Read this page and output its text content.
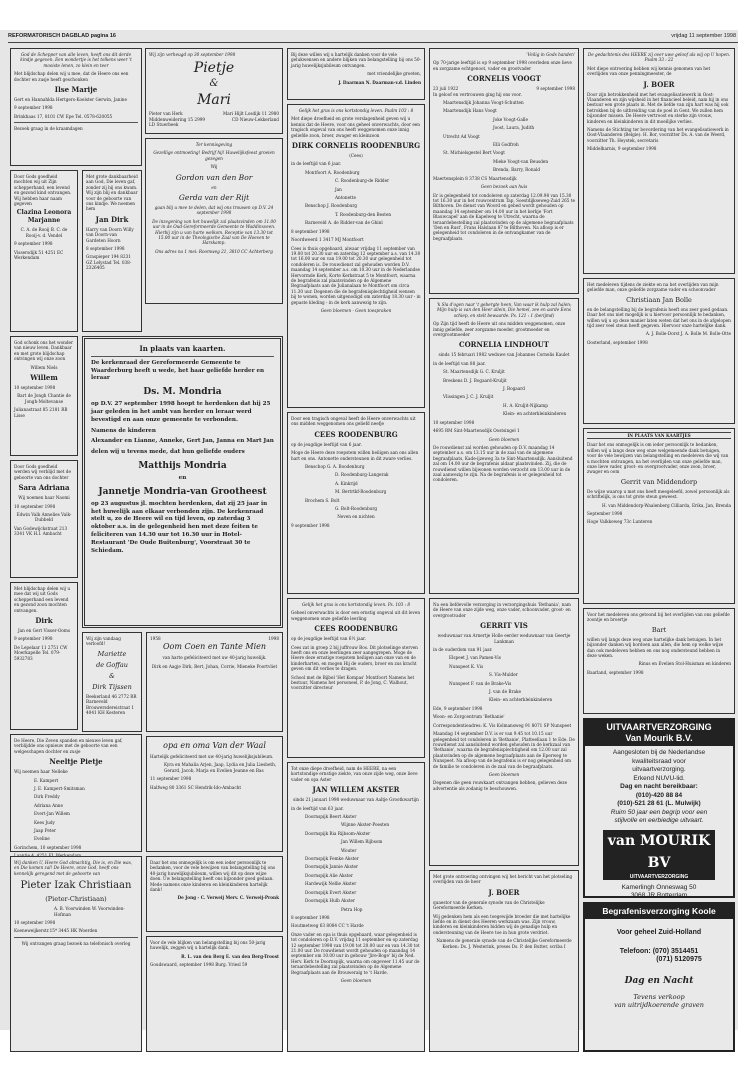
REFORMATORISCH DAGBLAD pagina 16	vrijdag 11 september 1998

God de Schepper van alle leven, heeft ons dit derde kindje gegeven. Een wondertje is het telkens weer 't mooiste lenen, zo klein en teer

Met blijdschap delen wij u mee, dat de Heere ons een dochter en zusje heeft geschonken

Ilse Marije

Gert en Hannahlda Hertgers-Koelster Gerwin, Janine

9 september 1998

Brinkhaas 17, 8101 CW Epe Tel. 0578-620055

Bezoek graag in de kraamdagen

Door Gods goedheid mochten wij uit Zijn schepperhand, een levend en gezond kind ontvangen. Wij hebben haar naam gegeven

Clazina Leonora Marjanne

C. A. de Rooij B. C. de Rooij-v. d. Vendel

9 september 1998

Vissersdijk 51 4251 EC Werkendam

God schonk ons het wonder van nieuw leven. Dankbaar en met grote blijdschap ontvingen wij onze zoon

Willem Niels

Willem

10 september 1998

Bart de Jongh Chantie de Jongh-Moltevanse

Julianastraat 85 2181 RB Lisse

Door Gods goedheid werden wij verblijd met de geboorte van ons dochter

Sara Adriana

Wij noemen haar Naomi

10 september 1998

Edwin Valk Annelies Valk-Dubbeld

Van Godewijckstraat 213 3341 VK H.I. Ambacht

Met blijdschap delen wij u mee dat wij uit Gods schepperhand een levend en gezond zoon mochten ontvangen.

Dirk

Jan en Gert Visser-Ooms

9 september 1998

De Lepelaar 11 2751 CW Moerkapelle Tel. 079-5932783

De Heere, Die Zeven spanden en nieuwe leven gaf, verblijdde ons opnieuw met de geboorte van een welgeschapen dochter en zusje

Neeltje Pietje

Wij noemen haar Nelleke

E. Kampert

J. E. Kampert-Smitsman

Dirk Freddy

Adriana Anne

Evert-Jan Willem

Kees Judy

Jaap Peter

Eveline

Gorinchem, 10 september 1998

Wij danken U, Heere God almachtig, Die is, en Die was, en Die komen zal! De Heere, onze God, heeft ons kennelijk geregend met de geboorte van

Pieter Izak Christiaan

(Pieter-Christiaan)

A. B. Voorwinden W. Voorwinden-Hofman

10 september 1998

Koeneweijkerstr.15* 3445 HK Woerden

Wij ontvangen graag bezoek na telefonisch overleg

Wij zijn verheugd op 30 september 1998

Pietje

&

Mari

Pieter van Herk Middenweidering 15 2999 LD Stuerbeek
Mari Hijlt Losdijk 11 2980 CD Nieuw-Lekkerland

Ter kennisgeving

Gezellige ontmoeting! Bedrijf hij! Huwelijksfeest groeien gezegen

Wij

Gordon van den Bor

en

Gerda van der Rijt

gaan blij u mee te delen, dat wij ons trouwen op D.V. 24 september 1998

De inzegening van het huwelijk zal plaatsvinden om 11.00 uur in de Oud-Gereformeerde Gemeente te Waddinxveen. Hierbij zijn u van harte welkom. Receptie van 13.30 tot 15.00 uur in de Theologische Zaal van De Hoeven te Harskamp.

Ons adres na 1 mei: Roomweg 21, 3810 CC Achterberg

Met grote dankbaarheid aan God, Die leven gaf, zonder zij bij ons kwam. Wij zijn blij en dankbaar voor de geboorte van ons kindje. We noemen hem

Jan Dirk

Harry van Doorn Willy van Doorn-van Gardeten Hoorn

8 september 1998

Graspieper 194 8231 GZ Lelystad Tel. 038-2326405

In plaats van kaarten.

De kerkenraad der Gereformeerde Gemeente te Waarderburg heeft u wede, het haar geliefde herder en leraar

Ds. M. Mondria

op D.V. 27 september 1998 hoopt te herdenken dat hij 25 jaar geleden in het ambt van herder en leraar werd bevestigd en aan onze gemeente te verbonden.

Namens de kinderen

Alexander en Lianne, Anneke, Gert Jan, Janna en Mart Jan

delen wij u tevens mede, dat hun geliefde ouders

Matthijs Mondria

en

Jannetje Mondria-van Grootheest

op 23 augustus jl. mochten herdenken, dat zij 25 jaar in het huwelijk aan elkaar verbonden zijn. De kerkenraad stelt u, zo de Heere wil en tijd leven, op zaterdag 3 oktober a.s. in de gelegenheid hen met deze feiten te feliciteren van 14.30 uur tot 16.30 uur in Hotel-Restaurant 'De Oude Buitenburg', Voorstraat 30 te Schiedam.

Wij zijn vandaag verloofd!

Mariette

de Goffau

&

Dirk Tijssen

Beekerland 46 2772 RR Barneveld Brouwersdereistraat 1 4041 KH Kesteren

1958	1998

Oom Coen en Tante Mien

van harte gefeliciteerd met uw 40-jarig huwelijk.

Dirk en Aagje Dirk, Bert, Johan, Corrie, Mieneke Poortvliet

opa en oma Van der Waal

Hartelijk gefeliciteerd met uw 40-jarig huwelijksjubileum.

Kyra en Mahalia Arjen, Jaap, Lydia en Julia Liesbeth, Gerard, Jacob, Marja en Evelien Jeanne en Bas

11 september 1998

Halfweg 80 3361 SC Hendrik-Ido-Ambacht

Daar het ons onmogelijk is om een ieder persoonlijk te bedanken, voor de vele bewijzen van belangstelling bij ons 40-jarig huwelijksjubileum, willen wij dit op deze wijze doen. Uw belangstelling heeft ons bijzonder goed gedaan. Mede namens onze kinderen en kleinkinderen hartelijk dank!

De Jong - C. Verweij Merv. C. Verweij-Pronk

Voor de vele blijken van belangstelling bij ons 50-jarig huwelijk, zeggen wij u hartelijk dank.

R. L. van den Berg E. van den Berg-Troost

Goudswaard, september 1998 Burg. Vriesl 59

Bij deze willen wij u hartelijk danken voor de vele gelukwensen en andere blijken van belangstelling bij ons 50-jarig huwelijksjubileum ontvangen.

met vriendelijke groeten,

J. Daarman N. Daarman-v.d. Linden

Gelijk het gras is ons kortstondig leven. Psalm 103 : 8

Met diepe droefheid en grote verslagenheid geven wij u kennis dat de Heere, voor ons geheel onverwachts, door een tragisch ongeval van ons heeft weggenomen onze innig geliefde zoon, broer, zwager en kleinzoon

DIRK CORNELIS ROODENBURG

(Cees)

in de leeftijd van 6 jaar.

Montfoort A. Roodenburg

C. Roodenburg-de Ridder

Jan

Antonette

Benschop J. Roodenburg

T. Roodenburg-den Besten

Barneveld A. de Ridder-van de Ghinl

8 september 1998

Noordweerd 1 3417 MJ Montfoort

Cees is thuis opgebaard, alwaar vrijdag 11 september van 19.00 tot 20.30 uur en zaterdag 12 september a.s. van 14.30 tot 16.00 uur en van 19.00 tot 20.30 uur gelegenheid tot condoleren is. De rouwdienst zal gehouden worden D.V. maandag 14 september a.s. om 10.30 uur in de Nederlandse Hervormde Kerk, Korte Kerkstraat 5 te Montfoort, waarna de begrafenis zal plaatsvinden op de Algemene Begraafplaats aan de Julianalaan te Montfoort om circa 11.30 uur. Degenen die de begrafenisplechtigheid wensen bij te wonen, worden uitgenodigd om zaterdag 18.30 uur - in gepaste kleding - in de kerk aanwezig te zijn.

Geen bloemen - Geen toespraken

Door een tragisch ongeval heeft de Heere onverwachts uit ons midden weggenomen ons geliefd neefje

CEES ROODENBURG

op de jeugdige leeftijd van 6 jaar.

Moge de Heere deze roepstem willen heiligen aan ons allen hart en ons. Antonette ondersteunen in dit zware verlies.

Benschop G. A. Boodenburg

D. Roodenburg-Langerak

A. Kinkrijd

M. Bertrtkf-Roodenburg

Brochem S. Bolt

G. Bolt-Roodenburg

Neven en nichten

9 september 1998

Gelijk het gras is ons kortstondig leven. Ps. 103 : 8

Geheel onverwachts is door een ernstig ongeval uit dit leven weggenomen onze geliefde leerling

CEES ROODENBURG

op de jeugdige leeftijd van 6½ jaar.

Cees zat in groep 2 bij juffrouw Bos. Dit plotselinge sterven heeft ons en onze leerlingen zeer aangegrepen. Moge de Heere deze ernstige roepstem heiligen aan onze van en de kinderharten, en mogen Hij de ouders, broer en zus kracht geven om dit verlies te dragen.

School met de Bijbel 'Het Kompas' Montfoort Namens het bestuur, Namens het personeel, P. de Jong, C. Walhout, voorzitter directeur

Tot onze diepe droefheid, nam de HEERE, na een kortstondige ernstige ziekte, van onze zijde weg, onze lieve vader en opa Aster

JAN WILLEM AKSTER

sinds 21 januari 1998 weduwnaar van Aaltje Grootkwartijn

in de leeftijd van 63 jaar.

Doornspijk Beert Akster

Wijnne Akster-Poesten

Doornspijk Ria Rijbsom-Akster

Jan Willem Rijbsom

Wouter

Doornspijk Femke Akster

Doornspijk Jannie Akster

Doornspijk Alie Akster

Hardewijk Nellie Akster

Doornspijk Evert Akster

Doornspijk Hulb Akster

Petra Hop

8 september 1998

Houtmetweg 63 8084 CC 't Harde

Onze vader en opa is thuis opgebaard, waar gelegenheid is tot condoleren op D.V. vrijdag 11 september en op zaterdag 12 september 1998 van 19.00 tot 20.00 uur en van 14.30 tot 21.00 uur. De rouwdienst wordt gehouden op maandag 14 september om 10.00 uur in gebouw 'Jire-Boge' bij de Ned. Herv. Kerk te Doornspijk, waarna om ongeveer 11.45 uur de teraardebestelling zal plaatsvinden op de Algemene Begraafplaats aan de Brouweralg te 't Harde.

Geen bloemen

'Veilig in Gods handen'

Op 70-jarige leeftijd is op 9 september 1998 overleden onze lieve en zorgzame echtgenoot, vader en grootvader

CORNELIS VOOGT

23 juli 1922	9 september 1998

In geloof en vertrouwen ging hij ons voor.

Maartensdijk Johanna Voogt-Schutten

Maartensdijk Hans Voogt

Joke Voogt-Galle

Joost, Laura, Judith

Utrecht Ad Voogt

Elli Godfroh

St. Michielsgestel Bert Voogt

Mieke Voogt-van Beusden

Brenda, Barry, Ronald

Maertensplein 8 3738 CS Maartensdijk

Geen bezoek aan huis

Er is gelegenheid tot condoleren op zaterdag 12.09.98 van 15.30 tot 16.30 uur in het rouwcentrum Tap, Soestdijkseweg-Zuid 265 te Bilthoven. De dienst van Woord en gebed wordt gehouden op maandag 14 september om 14.00 uur in het kerkje 'Fort Blauwcapel' aan de Kapelweg te Utrecht, waarna de teraardebestelling zal plaatsvinden op de algemene begraafplaats 'Den en Rust', Frans Halslaan 87 te Bilthoven. Na afloop is er gelegenheid tot condoleren in de ontvangkamer van de begraafplaats.

'k Sla d'ogen naar 't gebergte heen, Van waar ik hulp zal halen; Mijn hulp is van den Heer allein, Die hemel, zee en aarde Eens schiep, en stelt bewaarde. Ps. 121 : 1 (berijmd)

Op Zijn tijd heeft de Heere uit ons midden weggenomen, onze innig geliefde, zeer zorgzame moeder, grootmoeder en overgrootmoeder

CORNELIA LINDHOUT

sinds 15 februari 1982 weduwe van Johannes Cornelis Kaulet

in de leeftijd van 88 jaar.

St. Maartensdijk G. C. Kruljit

Breskens D. J. Bogaard-Kruljit

J. Bogaard

Vlissingen J. C. J. Kruljit

H. A. Kruljit-Nijkamp

Klein- en achterkleinkinderen

10 september 1998

4695 RM Sint-Maartensdijk Oostsingel 1

Geen bloemen

De rouwdienst zal worden gehouden op D.V. maandag 14 september a.s. om 13.15 uur in de zaal van de algemene begraafplaats, Kade-ijzeweg 3a te Sint-Maartensdijk. Aansluitend zal om 14.00 uur de begrafenis aldaar plaatsvinden. Zij, die de rouwdienst willen bijwonen worden verzocht om 13.00 uur in de zaal aanwezig te zijn. Na de begrafenis is er gelegenheid tot condoleren.

Na een liefdevolle verzorging in verzorgingshuis 'Bethania', nam de Heere van onze zijde weg, onze vader, schoonvader, groot- en overgrootvader

GERRIT VIS

weduwnaar van Arnertje Holle eerder weduwnaar van Geertje Lankman

in de ouderdom van 91 jaar.

Elspeet J. van Pamen-Vis

Nunspeet K. Vis

S. Vis-Mulder

Nunspeet F. van de Brake-Vis

J. van de Brake

Klein- en achterkleinkinderen

Ede, 9 september 1998

Woon- en Zorgcentrum 'Bethanie'

Correspondentieadres: K. Vis Kolmansweg 91 8071 SP Nunspeet

Maandag 14 september D.V. is er van 9.45 tot 10.15 uur gelegenheid tot condoleren in 'Bethanie', Platteellaan 1 te Ede. De rouwdienst zal aansluitend worden gehouden in de kerkzaal van 'Bethanie', waarna de begrafenisplechtigheid om 12.00 uur zal plaatsvinden op de algemene begraafplaats aan de Eperweg te Nunspeet. Na afloop van de begrafenis is er nog gelegenheid om de familie te condoleren in de zaal van de begraafplaats.

Geen bloemen

Degenen die geen rouwkaart ontvangen hebben, gelieven deze advertentie als zodanig te beschouwen.

Met grote ontroering ontvingen wij het bericht van het plotseling overlijden van de heer

J. BOER

quaestor van de generale synode van de Christelijke Gereformeerde Kerken.

Wij gedenken hem als een toegewijde broeder die met hartelijke liefde en in dienst des Heeren werkzaam was. Zijn vrouw, kinderen en kleinkinderen bidden wij de genadige hulp en ondersteuning van de Heere toe in hun grote verdriet.

Namens de generale synode van de Christelijke Gereformeerde Kerken: Ds. J. Westerink, preses Ds. P. den Butter, scriba I

De gedachtenis des HEERE zij over uwe geloof als wij op U hopen. Psalm 33 : 22

Met diepe ontroering hebben wij kennis genomen van het overlijden van onze penningmeester, de

J. BOER

Door zijn betrokkenheid met het evangelisatiewerk in Oost-Vlaanderen en zijn wijsheid in het financieel beleid, nam hij in ons bestuur een grote plaats in. Met de liefde van zijn hart was hij ook betrokken bij de uitbreiding van de poel in Gent. We zullen hem bijzonder missen. De Heere vertroost en sterke zijn vrouw, kinderen en kleinkinderen in dit moeilijke verlies.

Namens de Stichting ter bevordering van het evangelisatiewerk in Oost-Vlaanderen (Belgie): H. Bor, voorzitter Ds. A. van de Weerd, voorzitter Th. Heystek, secretaris

Middelharnis, 9 september 1998

Het medeleven tijdens de ziekte en na het overlijden van mijn geliefde man, onze geliefde zorgzame vader en schoonvader

Christiaan Jan Bolle

en de belangstelling bij de begrafenis heeft ons zeer goed gedaan. Daar het ons niet mogelijk is u hiervoor persoonlijk te bedanken, willen wij u op deze manier laten weten dat het ons in de afgelopen tijd zeer veel steun heeft gegeven. Hiervoor onze hartelijke dank.

A. J. Bolle-Dorst J. A. Bolle M. Bolle-Otte

Oosterland, september 1998

IN PLAATS VAN KAARTJES

Daar het ons onmogelijk is om ieder persoonlijk te bedanken, willen wij u langs deze weg onze welgemeende dank betuigen, voor de vele bewijzen van belangstelling en medeleven die wij van u mochten ontvangen, na het overlijden van onze geliefde man, onze lieve vader, groot- en overgrootvader, onze zoon, broer, zwager en oom

Gerrit van Middendorp

De wijze waarop u met ons heeft meegeleefd, zowel persoonlijk als schriftelijk, is ons tot grote steun geweest.

H. van Middendorp-Waalenberg Cilliarda, Erika, Jan, Brenda

September 1998

Hoge Valkkeweg 73c Lunteren

Voor het medeleven ons getoond bij het overlijden van ons geliefde zoontje en broertje

Bart

willen wij langs deze weg onze hartelijke dank betuigen. In het bijzonder danken wij hordoen aan allen, die hem op welke wijze dan ook medeleven hebben en ons nog ondersteund hebben in deze weken.

Rinus en Evelien Stol-Huisman en kinderen

Baarland, september 1998

UITVAARTVERZORGING
Van Mourik B.V.
Aangesloten bij de Nederlandse
kwaliteitsraad voor
uitvaartverzorging.
Erkend NUVU-lid.
Dag en nacht bereikbaar:
(010)-420 88 84
(010)-521 28 61 (L. Mulwijk)
Ruim 50 jaar een begrip voor een
stijlvolle en eerbiedige uitvaart.
van MOURIK BV
UITVAARTVERZORGING
Kamerlingh Onneswag 50
3068 JR Rotterdam
Begrafenisverzorging Koole
Voor geheel Zuid-Holland
Telefoon: (070) 3514451
(071) 5120975
Dag en Nacht
Tevens verkoop
van uitrijdkoerende graven
